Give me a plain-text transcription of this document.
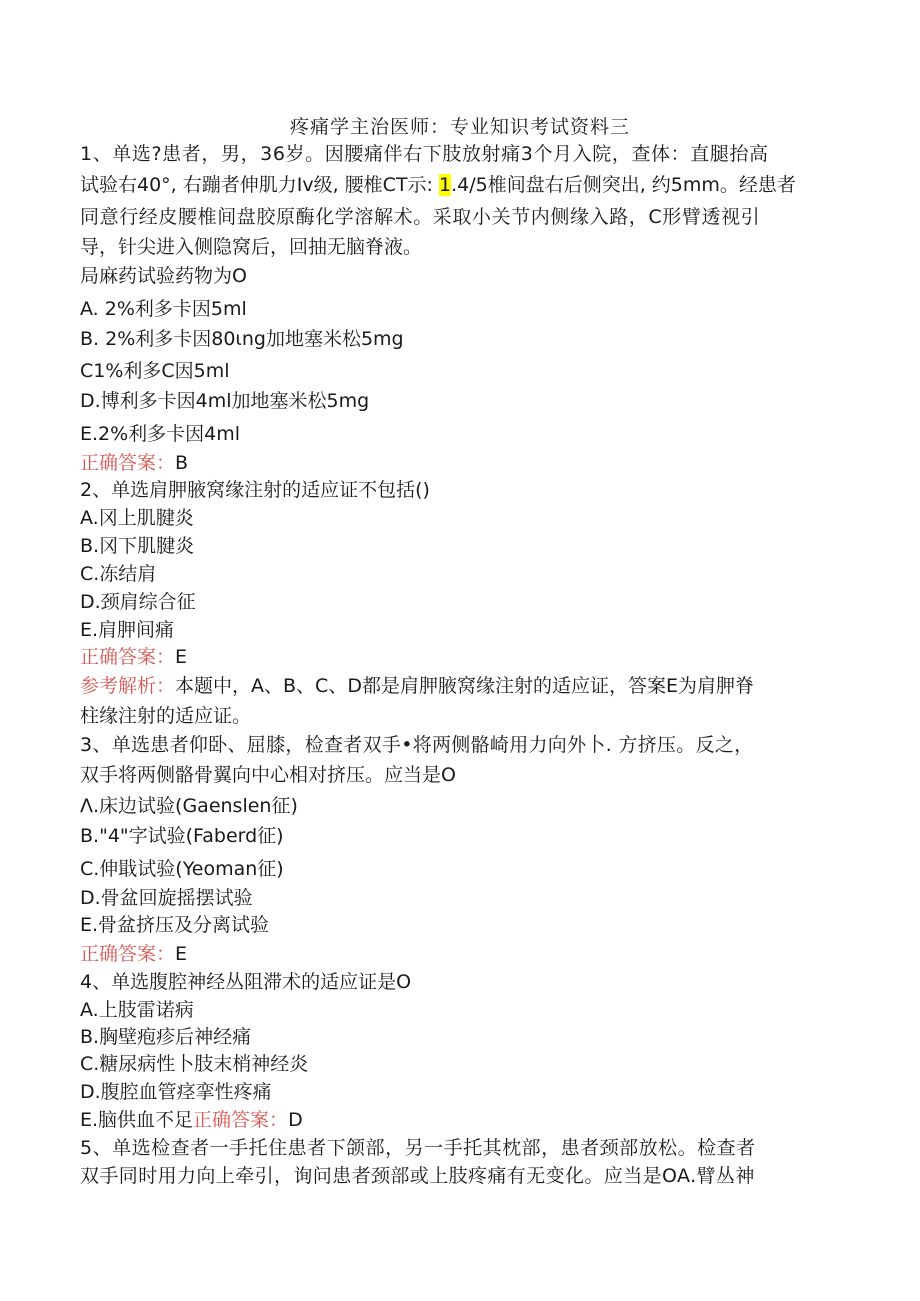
疼痛学主治医师：专业知识考试资料三
1、单选?患者，男，36岁。因腰痛伴右下肢放射痛3个月入院，查体：直腿抬高
试验右40°, 右蹦者伸肌力Iv级, 腰椎CT示: 1.4/5椎间盘右后侧突出, 约5mm。经患者
同意行经皮腰椎间盘胶原酶化学溶解术。采取小关节内侧缘入路，C形臂透视引
导，针尖进入侧隐窝后，回抽无脑脊液。
局麻药试验药物为O
A. 2%利多卡因5ml
B. 2%利多卡因80ιng加地塞米松5mg
C1%利多C因5ml
D.博利多卡因4ml加地塞米松5mg
E.2%利多卡因4ml
正确答案：B
2、单选肩胛腋窝缘注射的适应证不包括()
A.冈上肌腱炎
B.冈下肌腱炎
C.冻结肩
D.颈肩综合征
E.肩胛间痛
正确答案：E
参考解析：本题中，A、B、C、D都是肩胛腋窝缘注射的适应证，答案E为肩胛脊
柱缘注射的适应证。
3、单选患者仰卧、屈膝，检查者双手•将两侧骼崎用力向外卜. 方挤压。反之，
双手将两侧骼骨翼向中心相对挤压。应当是O
Λ.床边试验(Gaenslen征)
B."4"字试验(Faberd征)
C.伸戢试验(Yeoman征)
D.骨盆回旋摇摆试验
E.骨盆挤压及分离试验
正确答案：E
4、单选腹腔神经丛阻滞术的适应证是O
A.上肢雷诺病
B.胸壁疱疹后神经痛
C.糖尿病性卜肢末梢神经炎
D.腹腔血管痉挛性疼痛
E.脑供血不足正确答案：D
5、单选检查者一手托住患者下颌部，另一手托其枕部，患者颈部放松。检查者
双手同时用力向上牵引，询问患者颈部或上肢疼痛有无变化。应当是OA.臂丛神
